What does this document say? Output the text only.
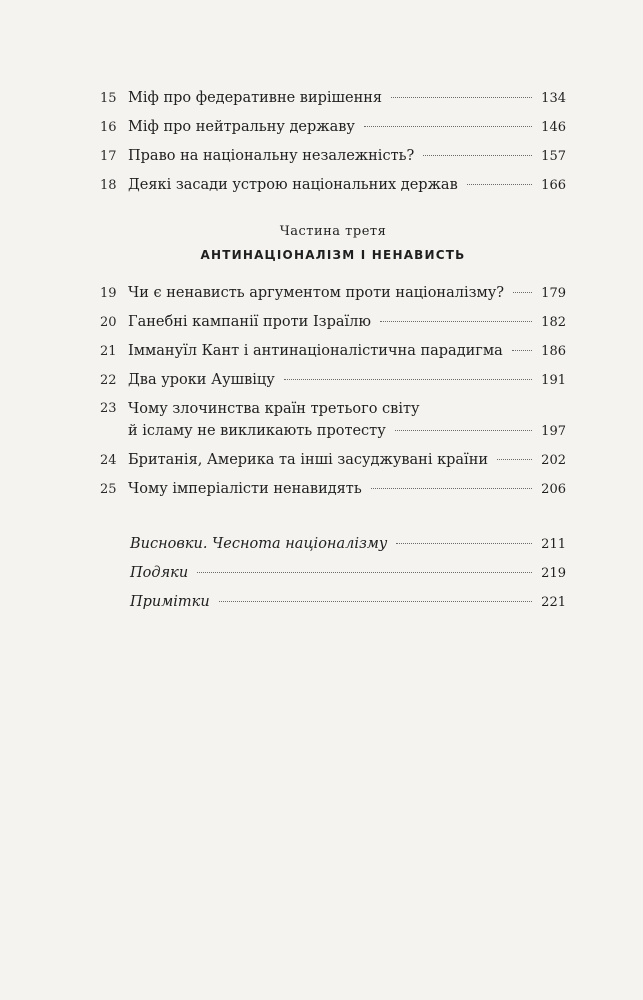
15 Міф про федеративне вирішення	134
16 Міф про нейтральну державу	146
17 Право на національну незалежність?	157
18 Деякі засади устрою національних держав	166
Частина третя
АНТИНАЦІОНАЛІЗМ І НЕНАВИСТЬ
19 Чи є ненависть аргументом проти націоналізму?	179
20 Ганебні кампанії проти Ізраїлю	182
21 Іммануїл Кант і антинаціоналістична парадигма	186
22 Два уроки Аушвіцу	191
23 Чому злочинства країн третього світу
й ісламу не викликають протесту	197
24 Британія, Америка та інші засуджувані країни	202
25 Чому імперіалісти ненавидять	206
Висновки. Чеснота націоналізму	211
Подяки	219
Примітки	221
